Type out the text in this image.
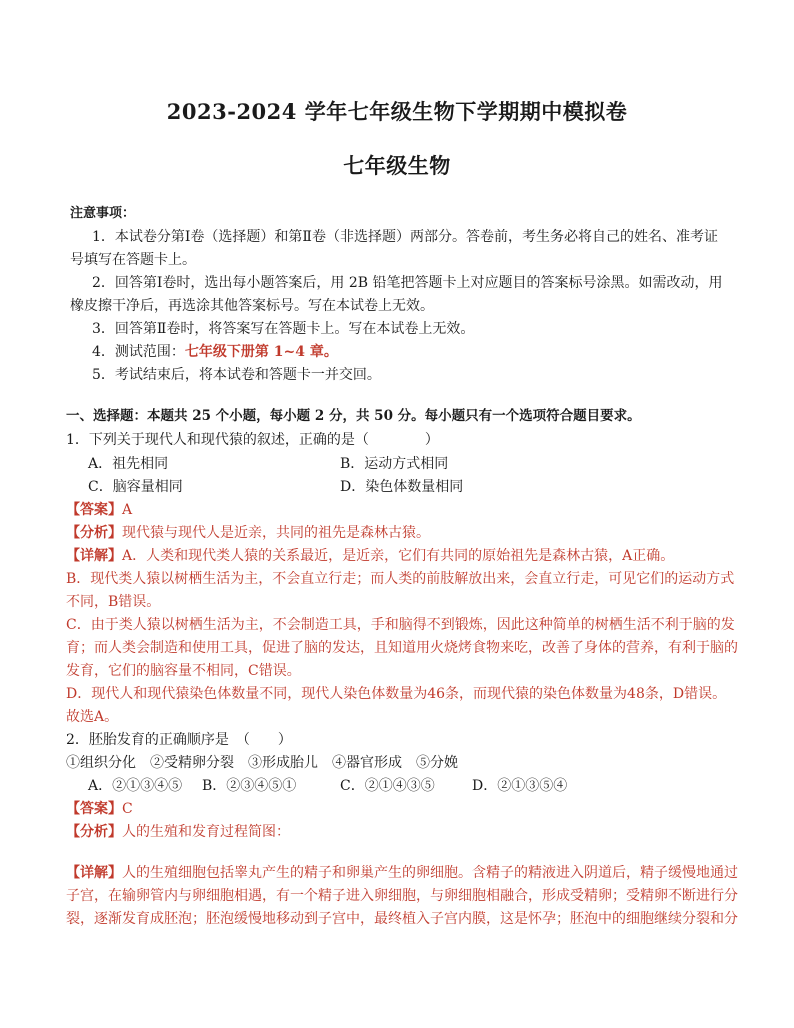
2023-2024 学年七年级生物下学期期中模拟卷
七年级生物
注意事项：
1．本试卷分第Ⅰ卷（选择题）和第Ⅱ卷（非选择题）两部分。答卷前，考生务必将自己的姓名、准考证
号填写在答题卡上。
2．回答第Ⅰ卷时，选出每小题答案后，用 2B 铅笔把答题卡上对应题目的答案标号涂黑。如需改动，用
橡皮擦干净后，再选涂其他答案标号。写在本试卷上无效。
3．回答第Ⅱ卷时，将答案写在答题卡上。写在本试卷上无效。
4．测试范围：七年级下册第 1~4 章。
5．考试结束后，将本试卷和答题卡一并交回。
一、选择题：本题共 25 个小题，每小题 2 分，共 50 分。每小题只有一个选项符合题目要求。
1．下列关于现代人和现代猿的叙述，正确的是（　　　　）
A．祖先相同	B．运动方式相同
C．脑容量相同	D．染色体数量相同
【答案】A
【分析】现代猿与现代人是近亲，共同的祖先是森林古猿。
【详解】A．人类和现代类人猿的关系最近，是近亲，它们有共同的原始祖先是森林古猿，A正确。
B．现代类人猿以树栖生活为主，不会直立行走；而人类的前肢解放出来，会直立行走，可见它们的运动方式
不同，B错误。
C．由于类人猿以树栖生活为主，不会制造工具，手和脑得不到锻炼，因此这种简单的树栖生活不利于脑的发
育；而人类会制造和使用工具，促进了脑的发达，且知道用火烧烤食物来吃，改善了身体的营养，有利于脑的
发育，它们的脑容量不相同，C错误。
D．现代人和现代猿染色体数量不同，现代人染色体数量为46条，而现代猿的染色体数量为48条，D错误。
故选A。
2．胚胎发育的正确顺序是　（　　）
①组织分化　②受精卵分裂　③形成胎儿　④器官形成　⑤分娩
A．②①③④⑤ B．②③④⑤①	C．②①④③⑤	D．②①③⑤④
【答案】C
【分析】人的生殖和发育过程简图：
【详解】人的生殖细胞包括睾丸产生的精子和卵巢产生的卵细胞。含精子的精液进入阴道后，精子缓慢地通过
子宫，在输卵管内与卵细胞相遇，有一个精子进入卵细胞，与卵细胞相融合，形成受精卵；受精卵不断进行分
裂，逐渐发育成胚泡；胚泡缓慢地移动到子宫中，最终植入子宫内膜，这是怀孕；胚泡中的细胞继续分裂和分
